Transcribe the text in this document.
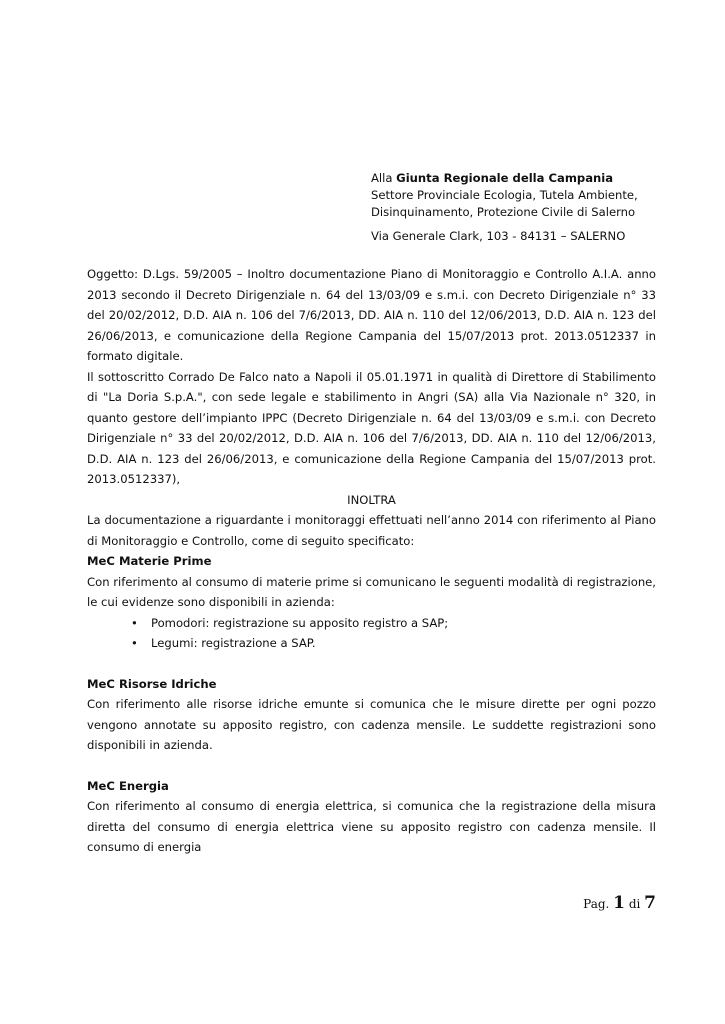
Alla Giunta Regionale della Campania
Settore Provinciale Ecologia, Tutela Ambiente,
Disinquinamento, Protezione Civile di Salerno
Via Generale Clark, 103 - 84131 – SALERNO

Oggetto: D.Lgs. 59/2005 – Inoltro documentazione Piano di Monitoraggio e Controllo A.I.A. anno 2013 secondo il Decreto Dirigenziale n. 64 del 13/03/09 e s.m.i. con Decreto Dirigenziale n° 33 del 20/02/2012, D.D. AIA n. 106 del 7/6/2013, DD. AIA n. 110 del 12/06/2013, D.D. AIA n. 123 del 26/06/2013, e comunicazione della Regione Campania del 15/07/2013 prot. 2013.0512337 in formato digitale.

Il sottoscritto Corrado De Falco nato a Napoli il 05.01.1971 in qualità di Direttore di Stabilimento di "La Doria S.p.A.", con sede legale e stabilimento in Angri (SA) alla Via Nazionale n° 320, in quanto gestore dell’impianto IPPC (Decreto Dirigenziale n. 64 del 13/03/09 e s.m.i. con Decreto Dirigenziale n° 33 del 20/02/2012, D.D. AIA n. 106 del 7/6/2013, DD. AIA n. 110 del 12/06/2013, D.D. AIA n. 123 del 26/06/2013, e comunicazione della Regione Campania del 15/07/2013 prot. 2013.0512337),

INOLTRA

La documentazione a riguardante i monitoraggi effettuati nell’anno 2014 con riferimento al Piano di Monitoraggio e Controllo, come di seguito specificato:

MeC Materie Prime

Con riferimento al consumo di materie prime si comunicano le seguenti modalità di registrazione, le cui evidenze sono disponibili in azienda:

• Pomodori: registrazione su apposito registro a SAP;
• Legumi: registrazione a SAP.

MeC Risorse Idriche

Con riferimento alle risorse idriche emunte si comunica che le misure dirette per ogni pozzo vengono annotate su apposito registro, con cadenza mensile. Le suddette registrazioni sono disponibili in azienda.

MeC Energia

Con riferimento al consumo di energia elettrica, si comunica che la registrazione della misura diretta del consumo di energia elettrica viene su apposito registro con cadenza mensile. Il consumo di energia

Pag. 1 di 7
